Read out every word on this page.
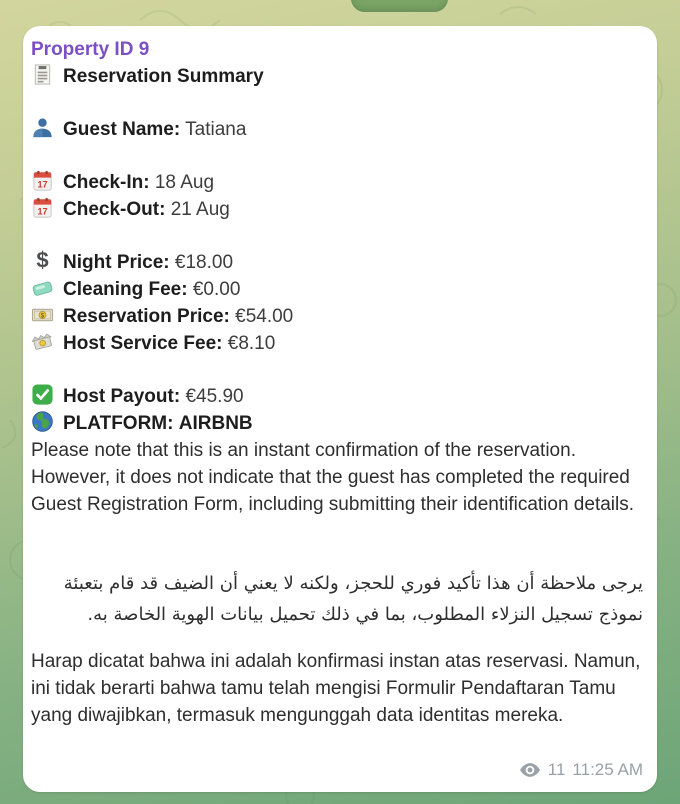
Property ID 9
Reservation Summary
Guest Name: Tatiana
17 Check-In: 18 Aug
17 Check-Out: 21 Aug
$ Night Price: €18.00
Cleaning Fee: €0.00
$ Reservation Price: €54.00
Host Service Fee: €8.10
Host Payout: €45.90
PLATFORM: AIRBNB
Please note that this is an instant confirmation of the reservation. However, it does not indicate that the guest has completed the required Guest Registration Form, including submitting their identification details.
يرجى ملاحظة أن هذا تأكيد فوري للحجز، ولكنه لا يعني أن الضيف قد قام بتعبئة نموذج تسجيل النزلاء المطلوب، بما في ذلك تحميل بيانات الهوية الخاصة به.
Harap dicatat bahwa ini adalah konfirmasi instan atas reservasi. Namun, ini tidak berarti bahwa tamu telah mengisi Formulir Pendaftaran Tamu yang diwajibkan, termasuk mengunggah data identitas mereka.
11 11:25 AM
